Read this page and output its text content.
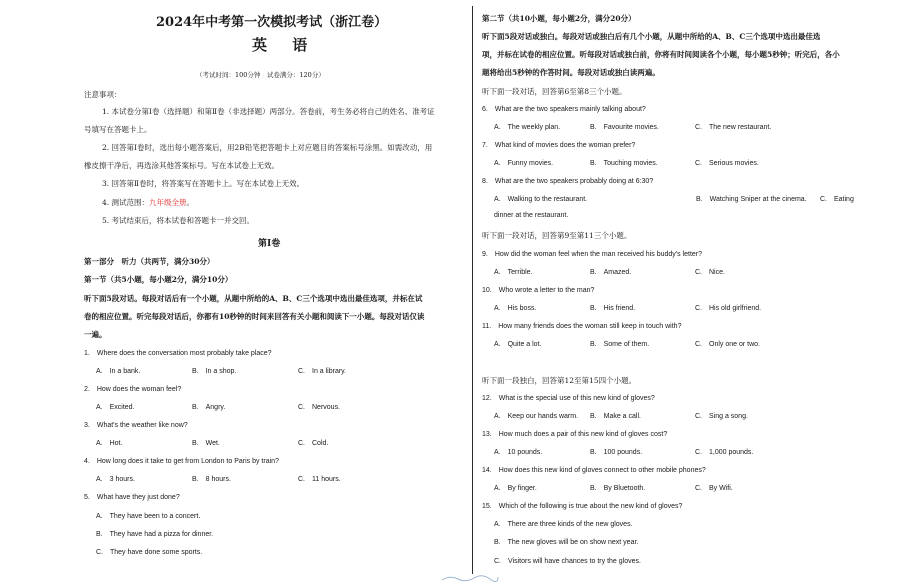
2024年中考第一次模拟考试（浙江卷）
英 语
（考试时间：100分钟　试卷满分：120分）
注意事项：
1. 本试卷分第Ⅰ卷（选择题）和第Ⅱ卷（非选择题）两部分。答卷前，考生务必将自己的姓名、准考证
号填写在答题卡上。
2. 回答第Ⅰ卷时，选出每小题答案后，用2B铅笔把答题卡上对应题目的答案标号涂黑。如需改动，用
橡皮擦干净后，再选涂其他答案标号。写在本试卷上无效。
3. 回答第Ⅱ卷时，将答案写在答题卡上。写在本试卷上无效。
4. 测试范围：九年级全册。
5. 考试结束后，将本试卷和答题卡一并交回。
第Ⅰ卷
第一部分　听力（共两节，满分30分）
第一节（共5小题，每小题2分，满分10分）
听下面5段对话。每段对话后有一个小题，从题中所给的A、B、C三个选项中选出最佳选项，并标在试
卷的相应位置。听完每段对话后，你都有10秒钟的时间来回答有关小题和阅读下一小题。每段对话仅读
一遍。
1.　Where does the conversation most probably take place?
A.　In a bank.	B.　In a shop.	C.　In a library.
2.　How does the woman feel?
A.　Excited.	B.　Angry.	C.　Nervous.
3.　What's the weather like now?
A.　Hot.	B.　Wet.	C.　Cold.
4.　How long does it take to get from London to Paris by train?
A.　3 hours.	B.　8 hours.	C.　11 hours.
5.　What have they just done?
A.　They have been to a concert.
B.　They have had a pizza for dinner.
C.　They have done some sports.
第二节（共10小题，每小题2分，满分20分）
听下面5段对话或独白。每段对话或独白后有几个小题，从题中所给的A、B、C三个选项中选出最佳选
项，并标在试卷的相应位置。听每段对话或独白前，你将有时间阅读各个小题，每小题5秒钟；听完后，各小
题将给出5秒钟的作答时间。每段对话或独白读两遍。
听下面一段对话，回答第6至第8三个小题。
6.　What are the two speakers mainly talking about?
A.　The weekly plan.	B.　Favourite movies.	C.　The new restaurant.
7.　What kind of movies does the woman prefer?
A.　Funny movies.	B.　Touching movies.	C.　Serious movies.
8.　What are the two speakers probably doing at 6:30?
A.　Walking to the restaurant.	B.　Watching Sniper at the cinema. C.　Eating
dinner at the restaurant.
听下面一段对话，回答第9至第11三个小题。
9.　How did the woman feel when the man received his buddy's letter?
A.　Terrible.	B.　Amazed.	C.　Nice.
10.　Who wrote a letter to the man?
A.　His boss.	B.　His friend.	C.　His old girlfriend.
11.　How many friends does the woman still keep in touch with?
A.　Quite a lot.	B.　Some of them.	C.　Only one or two.
听下面一段独白，回答第12至第15四个小题。
12.　What is the special use of this new kind of gloves?
A.　Keep our hands warm. B.　Make a call.	C.　Sing a song.
13.　How much does a pair of this new kind of gloves cost?
A.　10 pounds.	B.　100 pounds.	C.　1,000 pounds.
14.　How does this new kind of gloves connect to other mobile phones?
A.　By finger.	B.　By Bluetooth.	C.　By Wifi.
15.　Which of the following is true about the new kind of gloves?
A.　There are three kinds of the new gloves.
B.　The new gloves will be on show next year.
C.　Visitors will have chances to try the gloves.
